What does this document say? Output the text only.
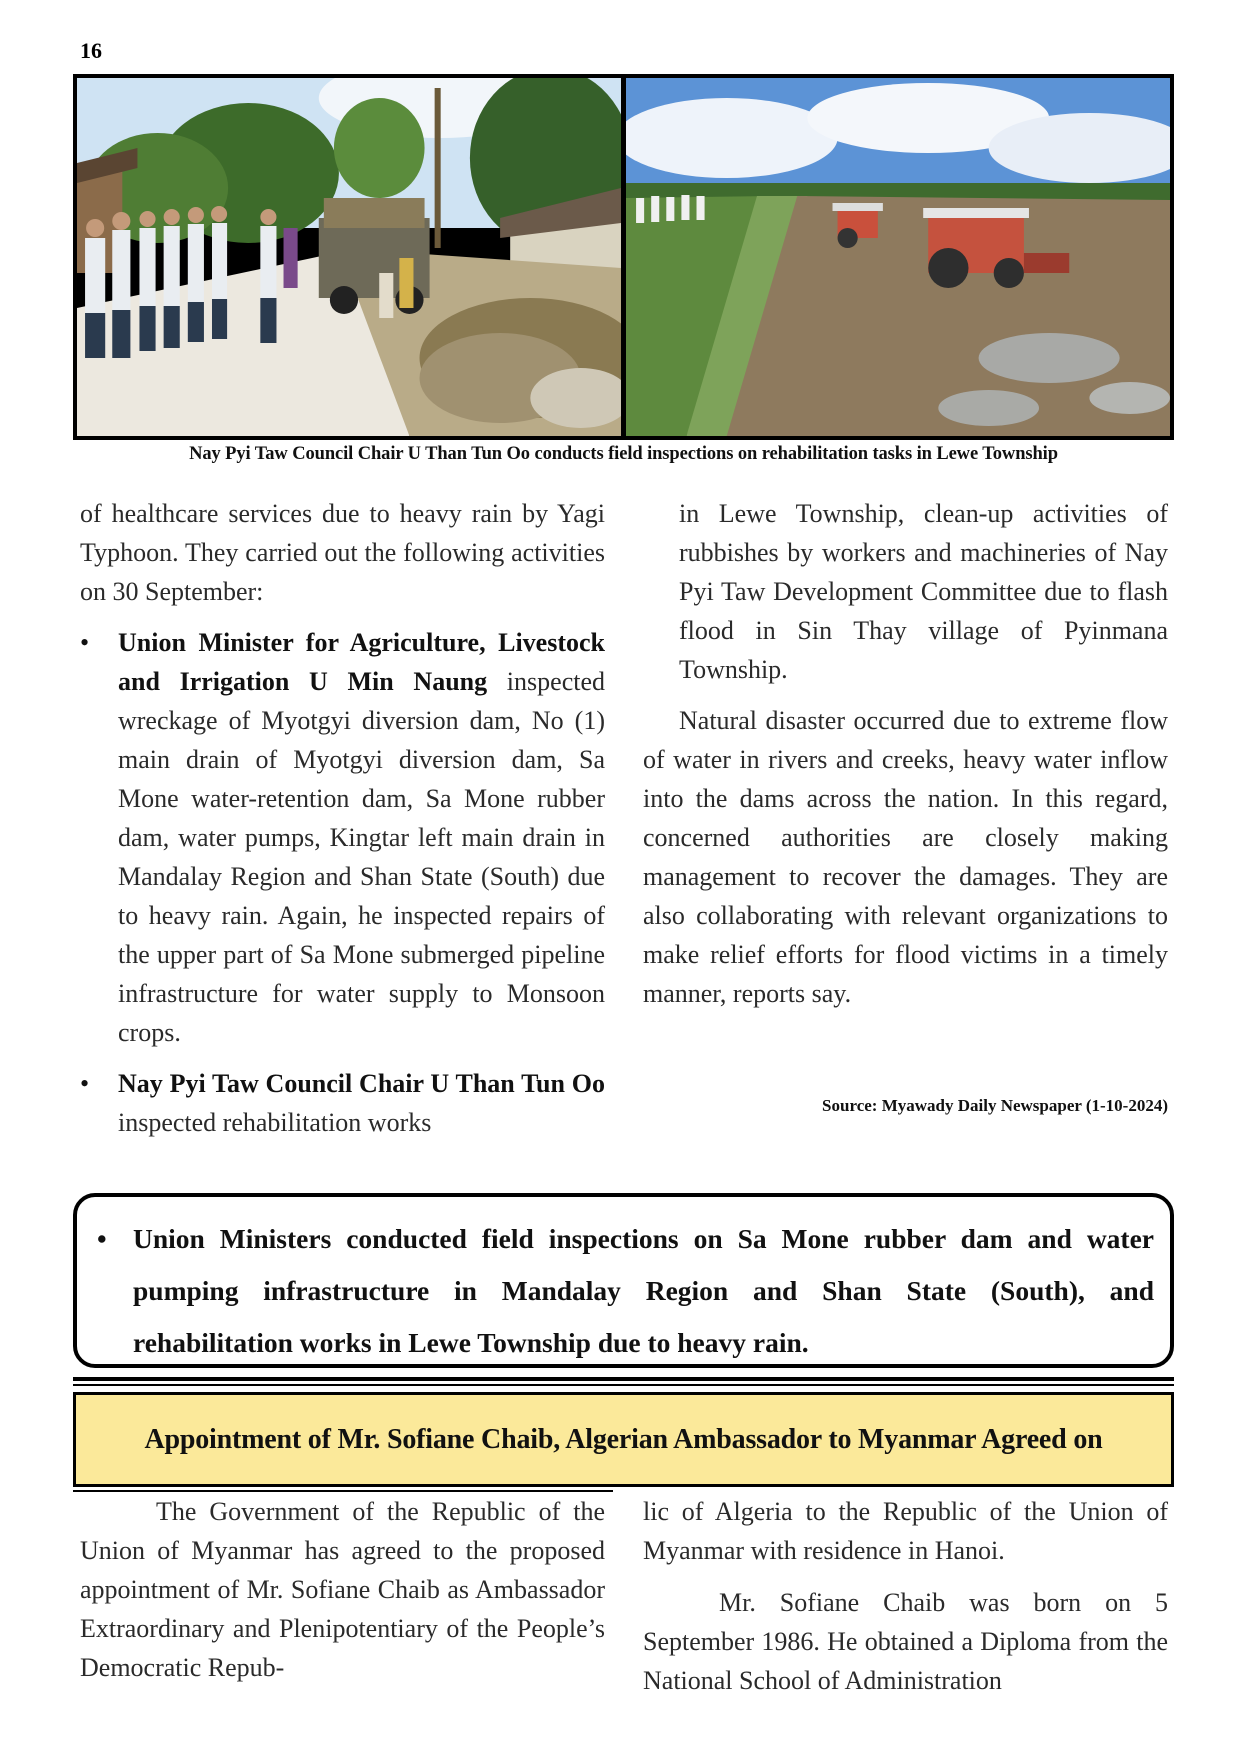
16
Nay Pyi Taw Council Chair U Than Tun Oo conducts field inspections on rehabilitation tasks in Lewe Township

of healthcare services due to heavy rain by Yagi Typhoon. They carried out the following activities on 30 September:

• Union Minister for Agriculture, Livestock and Irrigation U Min Naung inspected wreckage of Myotgyi diversion dam, No (1) main drain of Myotgyi diversion dam, Sa Mone water-retention dam, Sa Mone rubber dam, water pumps, Kingtar left main drain in Mandalay Region and Shan State (South) due to heavy rain. Again, he inspected repairs of the upper part of Sa Mone submerged pipeline infrastructure for water supply to Monsoon crops.
• Nay Pyi Taw Council Chair U Than Tun Oo inspected rehabilitation works

in Lewe Township, clean-up activities of rubbishes by workers and machineries of Nay Pyi Taw Development Committee due to flash flood in Sin Thay village of Pyinmana Township.

Natural disaster occurred due to extreme flow of water in rivers and creeks, heavy water inflow into the dams across the nation. In this regard, concerned authorities are closely making management to recover the damages. They are also collaborating with relevant organizations to make relief efforts for flood victims in a timely manner, reports say.

Source: Myawady Daily Newspaper (1-10-2024)
• Union Ministers conducted field inspections on Sa Mone rubber dam and water pumping infrastructure in Mandalay Region and Shan State (South), and rehabilitation works in Lewe Township due to heavy rain.
Appointment of Mr. Sofiane Chaib, Algerian Ambassador to Myanmar Agreed on

The Government of the Republic of the Union of Myanmar has agreed to the proposed appointment of Mr. Sofiane Chaib as Ambassador Extraordinary and Plenipotentiary of the People’s Democratic Repub-

lic of Algeria to the Republic of the Union of Myanmar with residence in Hanoi.

Mr. Sofiane Chaib was born on 5 September 1986. He obtained a Diploma from the National School of Administration
